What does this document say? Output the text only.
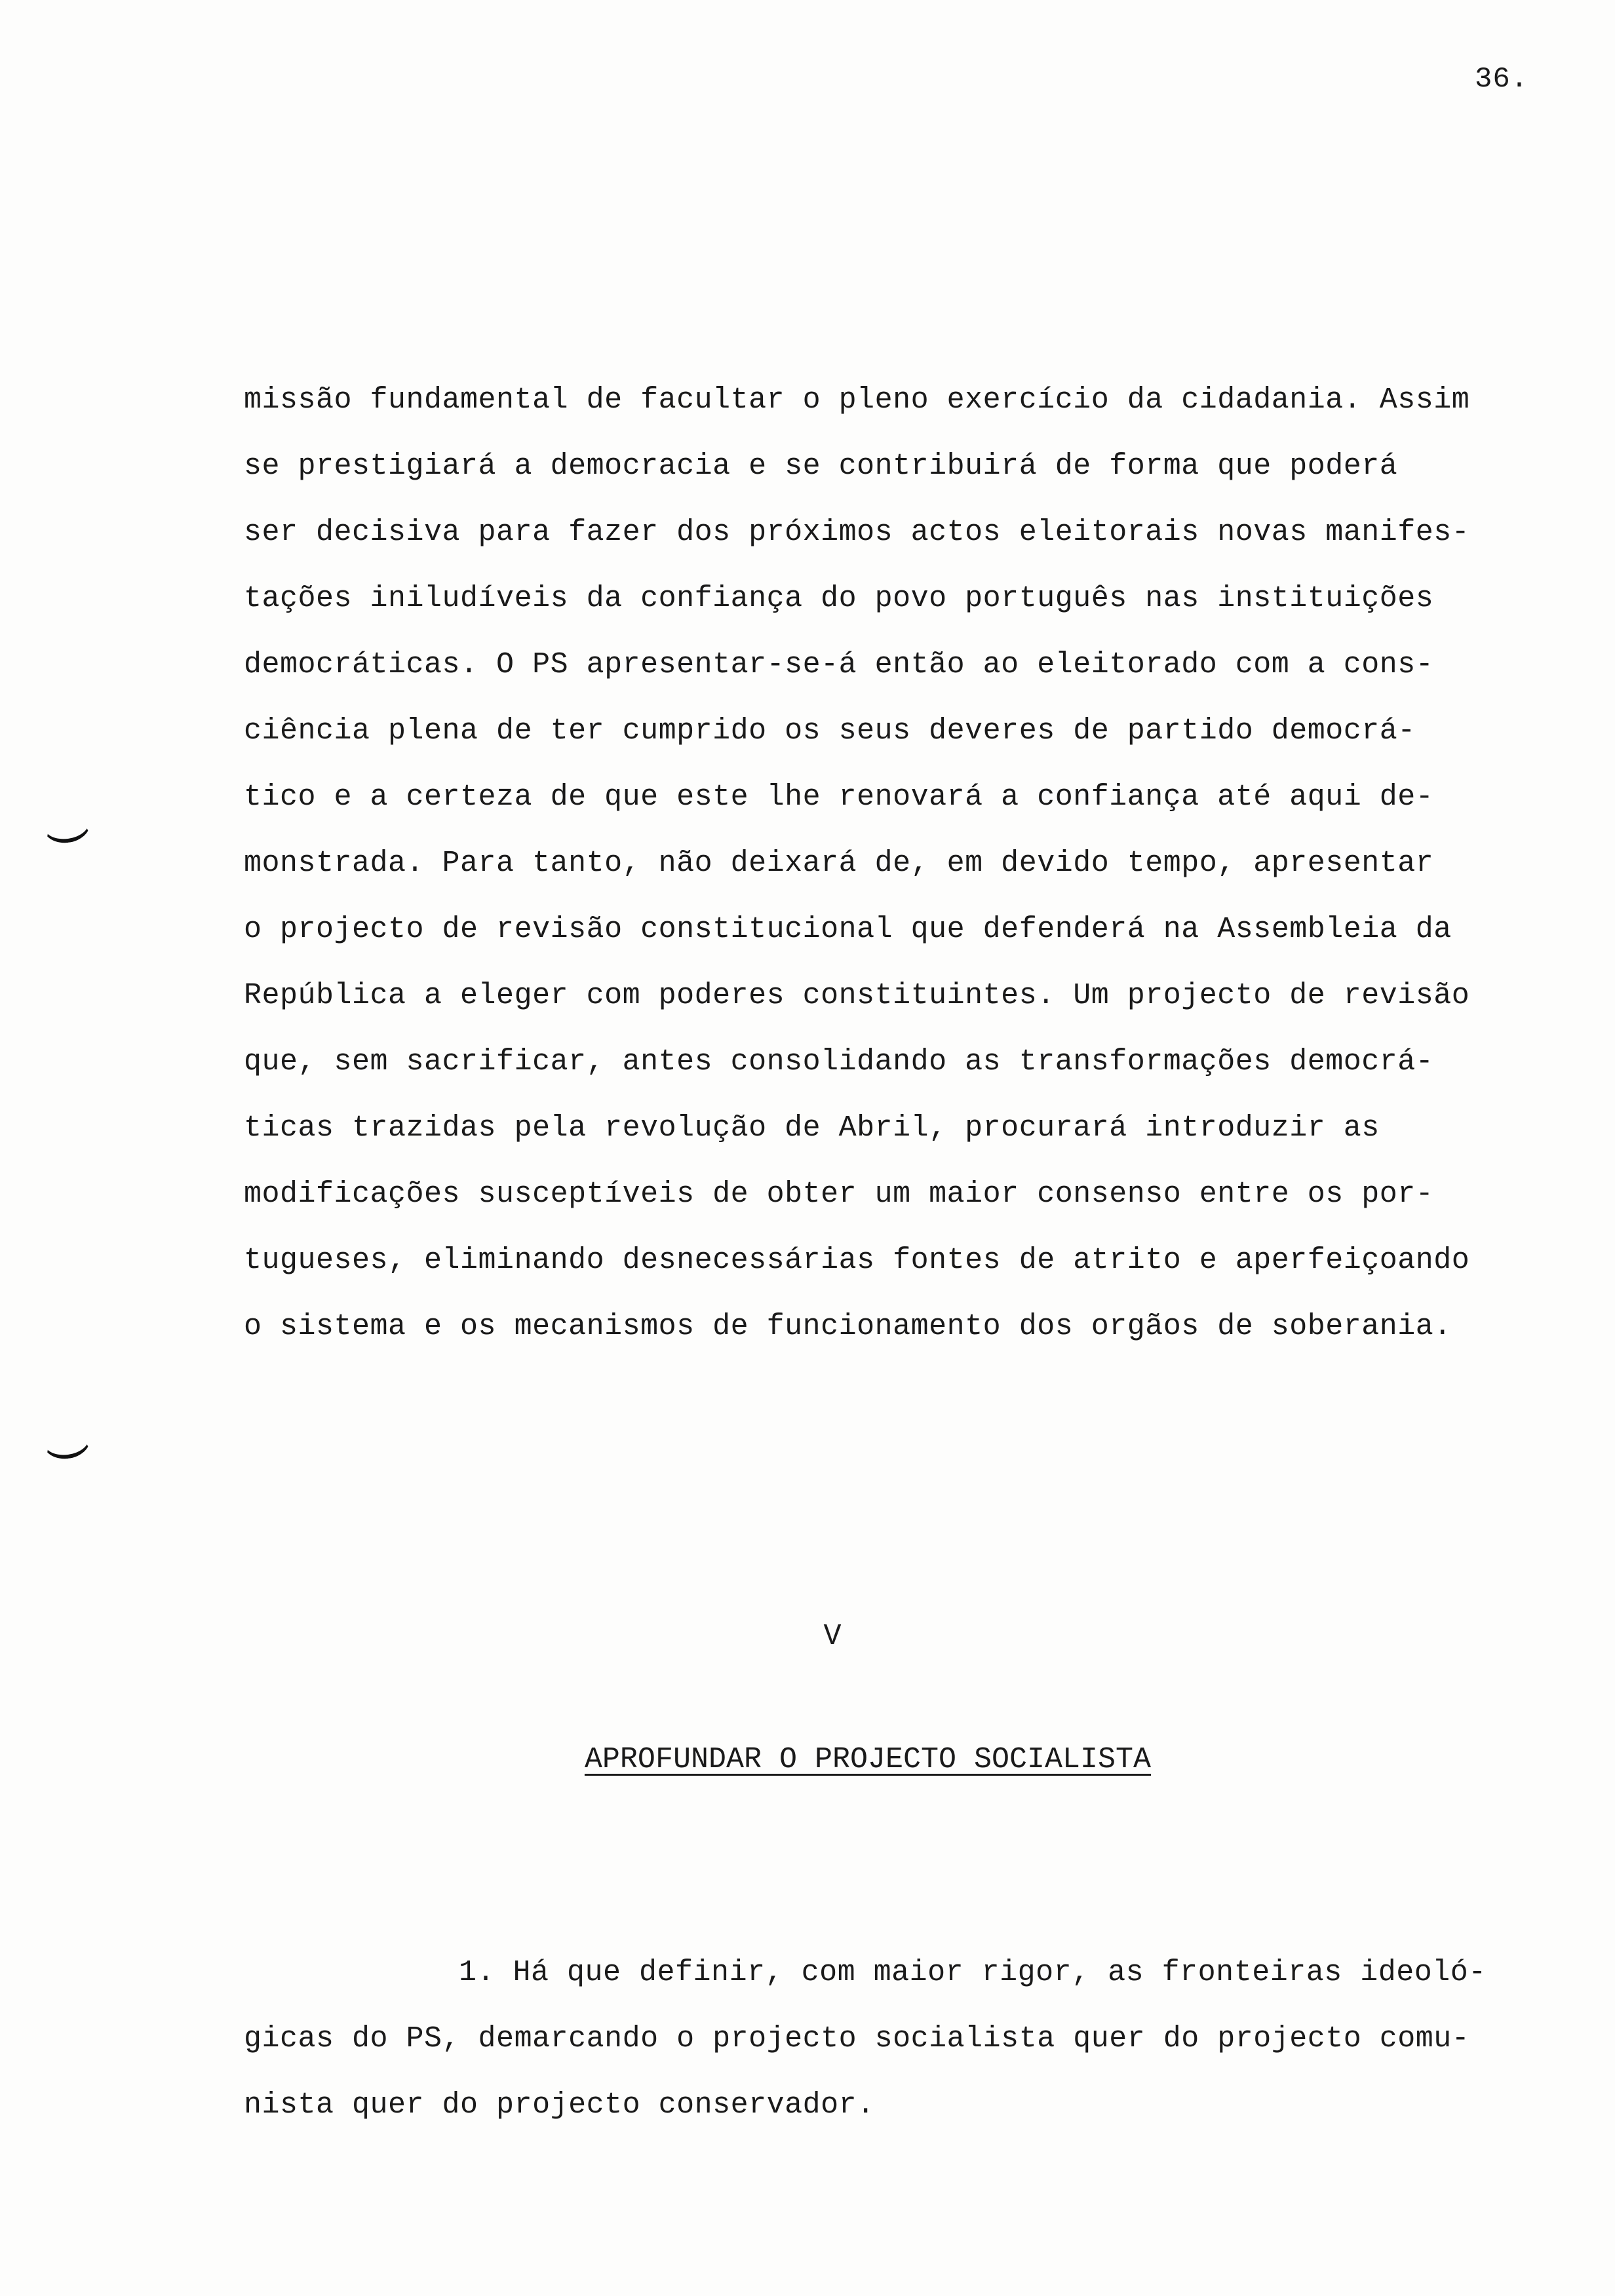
36.
missão fundamental de facultar o pleno exercício da cidadania. Assim
se prestigiará a democracia e se contribuirá de forma que poderá
ser decisiva para fazer dos próximos actos eleitorais novas manifes-
tações iniludíveis da confiança do povo português nas instituições
democráticas. O PS apresentar-se-á então ao eleitorado com a cons-
ciência plena de ter cumprido os seus deveres de partido democrá-
tico e a certeza de que este lhe renovará a confiança até aqui de-
monstrada. Para tanto, não deixará de, em devido tempo, apresentar
o projecto de revisão constitucional que defenderá na Assembleia da
República a eleger com poderes constituintes. Um projecto de revisão
que, sem sacrificar, antes consolidando as transformações democrá-
ticas trazidas pela revolução de Abril, procurará introduzir as
modificações susceptíveis de obter um maior consenso entre os por-
tugueses, eliminando desnecessárias fontes de atrito e aperfeiçoando
o sistema e os mecanismos de funcionamento dos orgãos de soberania.
V
APROFUNDAR O PROJECTO SOCIALISTA
1. Há que definir, com maior rigor, as fronteiras ideoló-
gicas do PS, demarcando o projecto socialista quer do projecto comu-
nista quer do projecto conservador.
